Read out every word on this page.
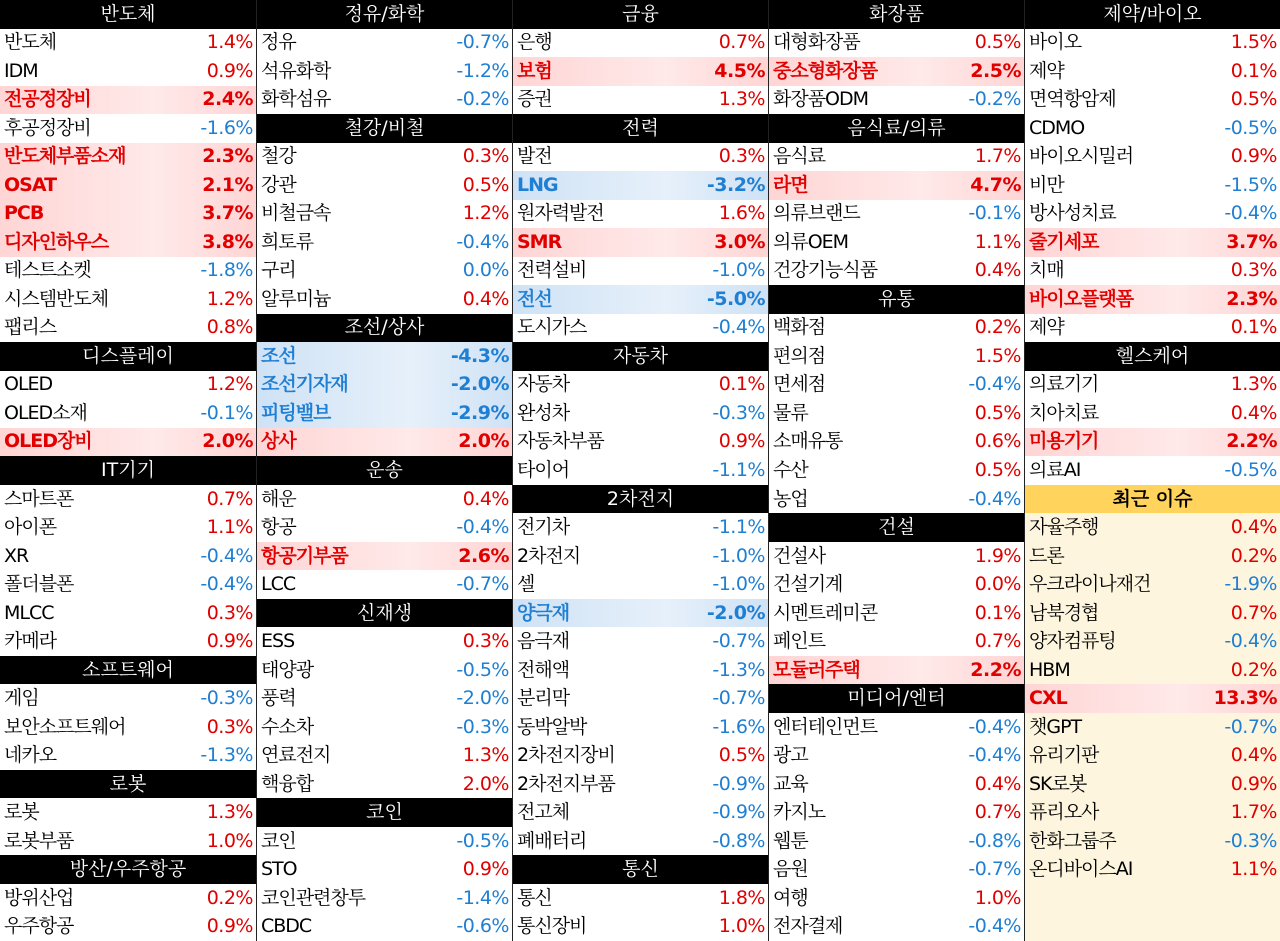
반도체
반도체	1.4%
IDM	0.9%
전공정장비	2.4%
후공정장비	-1.6%
반도체부품소재	2.3%
OSAT	2.1%
PCB	3.7%
디자인하우스	3.8%
테스트소켓	-1.8%
시스템반도체	1.2%
팹리스	0.8%
디스플레이
OLED	1.2%
OLED소재	-0.1%
OLED장비	2.0%
IT기기
스마트폰	0.7%
아이폰	1.1%
XR	-0.4%
폴더블폰	-0.4%
MLCC	0.3%
카메라	0.9%
소프트웨어
게임	-0.3%
보안소프트웨어	0.3%
네카오	-1.3%
로봇
로봇	1.3%
로봇부품	1.0%
방산/우주항공
방위산업	0.2%
우주항공	0.9%
정유/화학
정유	-0.7%
석유화학	-1.2%
화학섬유	-0.2%
철강/비철
철강	0.3%
강관	0.5%
비철금속	1.2%
희토류	-0.4%
구리	0.0%
알루미늄	0.4%
조선/상사
조선	-4.3%
조선기자재	-2.0%
피팅밸브	-2.9%
상사	2.0%
운송
해운	0.4%
항공	-0.4%
항공기부품	2.6%
LCC	-0.7%
신재생
ESS	0.3%
태양광	-0.5%
풍력	-2.0%
수소차	-0.3%
연료전지	1.3%
핵융합	2.0%
코인
코인	-0.5%
STO	0.9%
코인관련창투	-1.4%
CBDC	-0.6%
금융
은행	0.7%
보험	4.5%
증권	1.3%
전력
발전	0.3%
LNG	-3.2%
원자력발전	1.6%
SMR	3.0%
전력설비	-1.0%
전선	-5.0%
도시가스	-0.4%
자동차
자동차	0.1%
완성차	-0.3%
자동차부품	0.9%
타이어	-1.1%
2차전지
전기차	-1.1%
2차전지	-1.0%
셀	-1.0%
양극재	-2.0%
음극재	-0.7%
전해액	-1.3%
분리막	-0.7%
동박알박	-1.6%
2차전지장비	0.5%
2차전지부품	-0.9%
전고체	-0.9%
폐배터리	-0.8%
통신
통신	1.8%
통신장비	1.0%
화장품
대형화장품	0.5%
중소형화장품	2.5%
화장품ODM	-0.2%
음식료/의류
음식료	1.7%
라면	4.7%
의류브랜드	-0.1%
의류OEM	1.1%
건강기능식품	0.4%
유통
백화점	0.2%
편의점	1.5%
면세점	-0.4%
물류	0.5%
소매유통	0.6%
수산	0.5%
농업	-0.4%
건설
건설사	1.9%
건설기계	0.0%
시멘트레미콘	0.1%
페인트	0.7%
모듈러주택	2.2%
미디어/엔터
엔터테인먼트	-0.4%
광고	-0.4%
교육	0.4%
카지노	0.7%
웹툰	-0.8%
음원	-0.7%
여행	1.0%
전자결제	-0.4%
제약/바이오
바이오	1.5%
제약	0.1%
면역항암제	0.5%
CDMO	-0.5%
바이오시밀러	0.9%
비만	-1.5%
방사성치료	-0.4%
줄기세포	3.7%
치매	0.3%
바이오플랫폼	2.3%
제약	0.1%
헬스케어
의료기기	1.3%
치아치료	0.4%
미용기기	2.2%
의료AI	-0.5%
최근 이슈
자율주행	0.4%
드론	0.2%
우크라이나재건	-1.9%
남북경협	0.7%
양자컴퓨팅	-0.4%
HBM	0.2%
CXL	13.3%
챗GPT	-0.7%
유리기판	0.4%
SK로봇	0.9%
퓨리오사	1.7%
한화그룹주	-0.3%
온디바이스AI	1.1%
